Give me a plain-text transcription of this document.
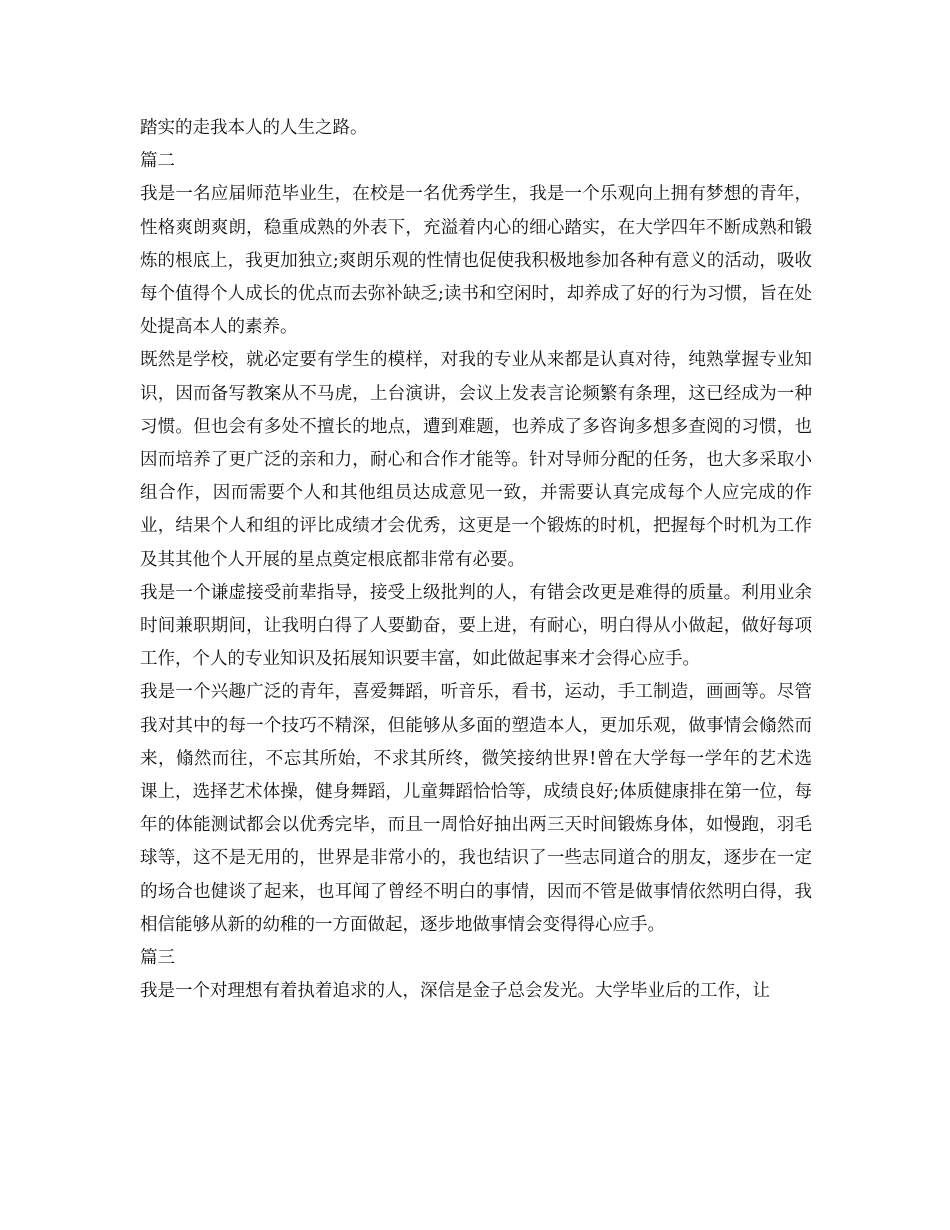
踏实的走我本人的人生之路。

篇二

我是一名应届师范毕业生，在校是一名优秀学生，我是一个乐观向上拥有梦想的青年，性格爽朗爽朗，稳重成熟的外表下，充溢着内心的细心踏实，在大学四年不断成熟和锻炼的根底上，我更加独立;爽朗乐观的性情也促使我积极地参加各种有意义的活动，吸收每个值得个人成长的优点而去弥补缺乏;读书和空闲时，却养成了好的行为习惯，旨在处处提高本人的素养。

既然是学校，就必定要有学生的模样，对我的专业从来都是认真对待，纯熟掌握专业知识，因而备写教案从不马虎，上台演讲，会议上发表言论频繁有条理，这已经成为一种习惯。但也会有多处不擅长的地点，遭到难题，也养成了多咨询多想多查阅的习惯，也因而培养了更广泛的亲和力，耐心和合作才能等。针对导师分配的任务，也大多采取小组合作，因而需要个人和其他组员达成意见一致，并需要认真完成每个人应完成的作业，结果个人和组的评比成绩才会优秀，这更是一个锻炼的时机，把握每个时机为工作及其其他个人开展的星点奠定根底都非常有必要。

我是一个谦虚接受前辈指导，接受上级批判的人，有错会改更是难得的质量。利用业余时间兼职期间，让我明白得了人要勤奋，要上进，有耐心，明白得从小做起，做好每项工作，个人的专业知识及拓展知识要丰富，如此做起事来才会得心应手。

我是一个兴趣广泛的青年，喜爱舞蹈，听音乐，看书，运动，手工制造，画画等。尽管我对其中的每一个技巧不精深，但能够从多面的塑造本人，更加乐观，做事情会翛然而来，翛然而往，不忘其所始，不求其所终，微笑接纳世界!曾在大学每一学年的艺术选课上，选择艺术体操，健身舞蹈，儿童舞蹈恰恰等，成绩良好;体质健康排在第一位，每年的体能测试都会以优秀完毕，而且一周恰好抽出两三天时间锻炼身体，如慢跑，羽毛球等，这不是无用的，世界是非常小的，我也结识了一些志同道合的朋友，逐步在一定的场合也健谈了起来，也耳闻了曾经不明白的事情，因而不管是做事情依然明白得，我相信能够从新的幼稚的一方面做起，逐步地做事情会变得得心应手。

篇三

我是一个对理想有着执着追求的人，深信是金子总会发光。大学毕业后的工作，让
